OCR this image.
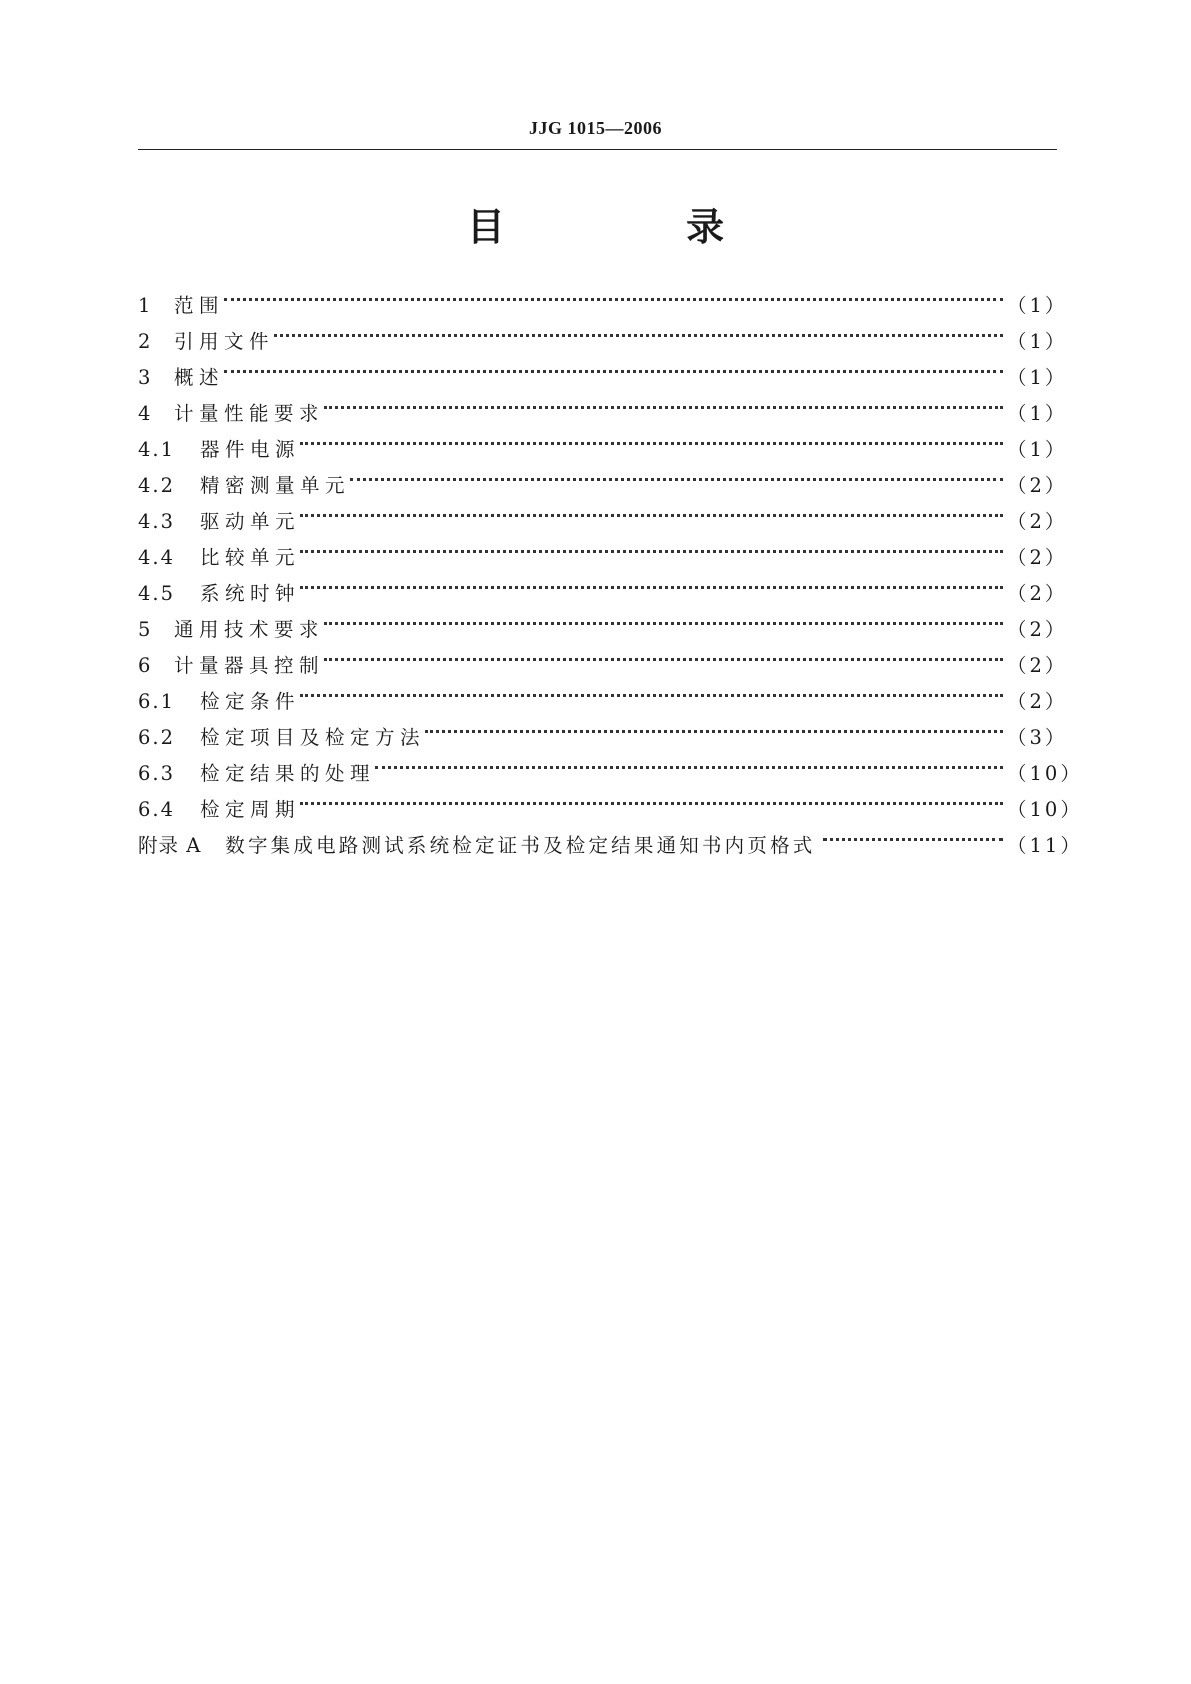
JJG 1015—2006
目 录
1	范围	（1）
2	引用文件	（1）
3	概述	（1）
4	计量性能要求	（1）
4.1	器件电源	（1）
4.2	精密测量单元	（2）
4.3	驱动单元	（2）
4.4	比较单元	（2）
4.5	系统时钟	（2）
5	通用技术要求	（2）
6	计量器具控制	（2）
6.1	检定条件	（2）
6.2	检定项目及检定方法	（3）
6.3	检定结果的处理	（10）
6.4	检定周期	（10）
附录 A	数字集成电路测试系统检定证书及检定结果通知书内页格式	（11）
